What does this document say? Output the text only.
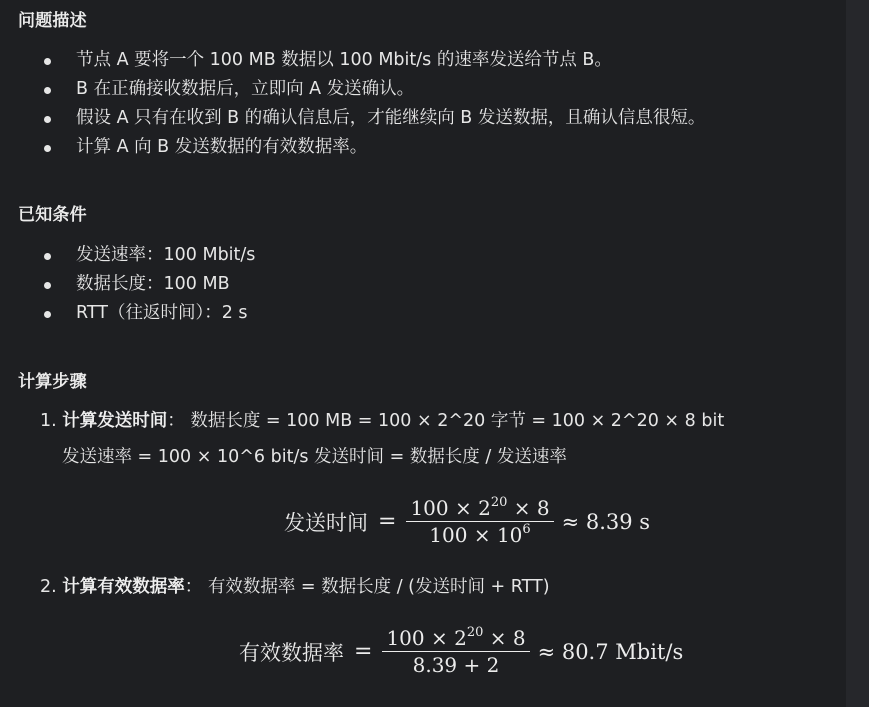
问题描述
节点 A 要将一个 100 MB 数据以 100 Mbit/s 的速率发送给节点 B。
B 在正确接收数据后，立即向 A 发送确认。
假设 A 只有在收到 B 的确认信息后，才能继续向 B 发送数据，且确认信息很短。
计算 A 向 B 发送数据的有效数据率。
已知条件
发送速率：100 Mbit/s
数据长度：100 MB
RTT（往返时间）：2 s
计算步骤
1. 计算发送时间： 数据长度 = 100 MB = 100 × 2^20 字节 = 100 × 2^20 × 8 bit
发送速率 = 100 × 10^6 bit/s 发送时间 = 数据长度 / 发送速率
发送时间 = $\frac{100 \times 2^{20} \times 8}{100 \times 10^6} \approx 8.39$ s
2. 计算有效数据率： 有效数据率 = 数据长度 / (发送时间 + RTT)
有效数据率 = $\frac{100 \times 2^{20} \times 8}{8.39 + 2} \approx 80.7$ Mbit/s
